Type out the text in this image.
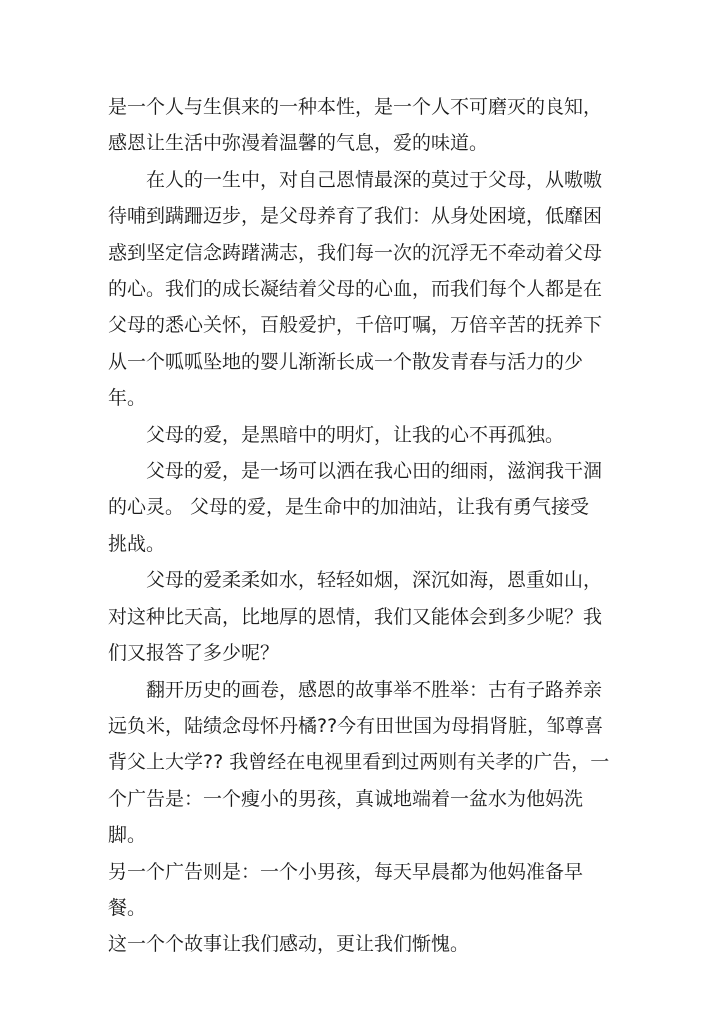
是一个人与生俱来的一种本性，是一个人不可磨灭的良知，

感恩让生活中弥漫着温馨的气息，爱的味道。

　　在人的一生中，对自己恩情最深的莫过于父母，从嗷嗷

待哺到蹒跚迈步，是父母养育了我们：从身处困境，低靡困

惑到坚定信念踌躇满志，我们每一次的沉浮无不牵动着父母

的心。我们的成长凝结着父母的心血，而我们每个人都是在

父母的悉心关怀，百般爱护，千倍叮嘱，万倍辛苦的抚养下

从一个呱呱坠地的婴儿渐渐长成一个散发青春与活力的少

年。

　　父母的爱，是黑暗中的明灯，让我的心不再孤独。

　　父母的爱，是一场可以洒在我心田的细雨，滋润我干涸

的心灵。 父母的爱，是生命中的加油站，让我有勇气接受

挑战。

　　父母的爱柔柔如水，轻轻如烟，深沉如海，恩重如山，

对这种比天高，比地厚的恩情，我们又能体会到多少呢？我

们又报答了多少呢？

　　翻开历史的画卷，感恩的故事举不胜举：古有子路养亲

远负米，陆绩念母怀丹橘??今有田世国为母捐肾脏，邹尊喜

背父上大学?? 我曾经在电视里看到过两则有关孝的广告，一

个广告是：一个瘦小的男孩，真诚地端着一盆水为他妈洗脚。

另一个广告则是：一个小男孩，每天早晨都为他妈准备早餐。

这一个个故事让我们感动，更让我们惭愧。
